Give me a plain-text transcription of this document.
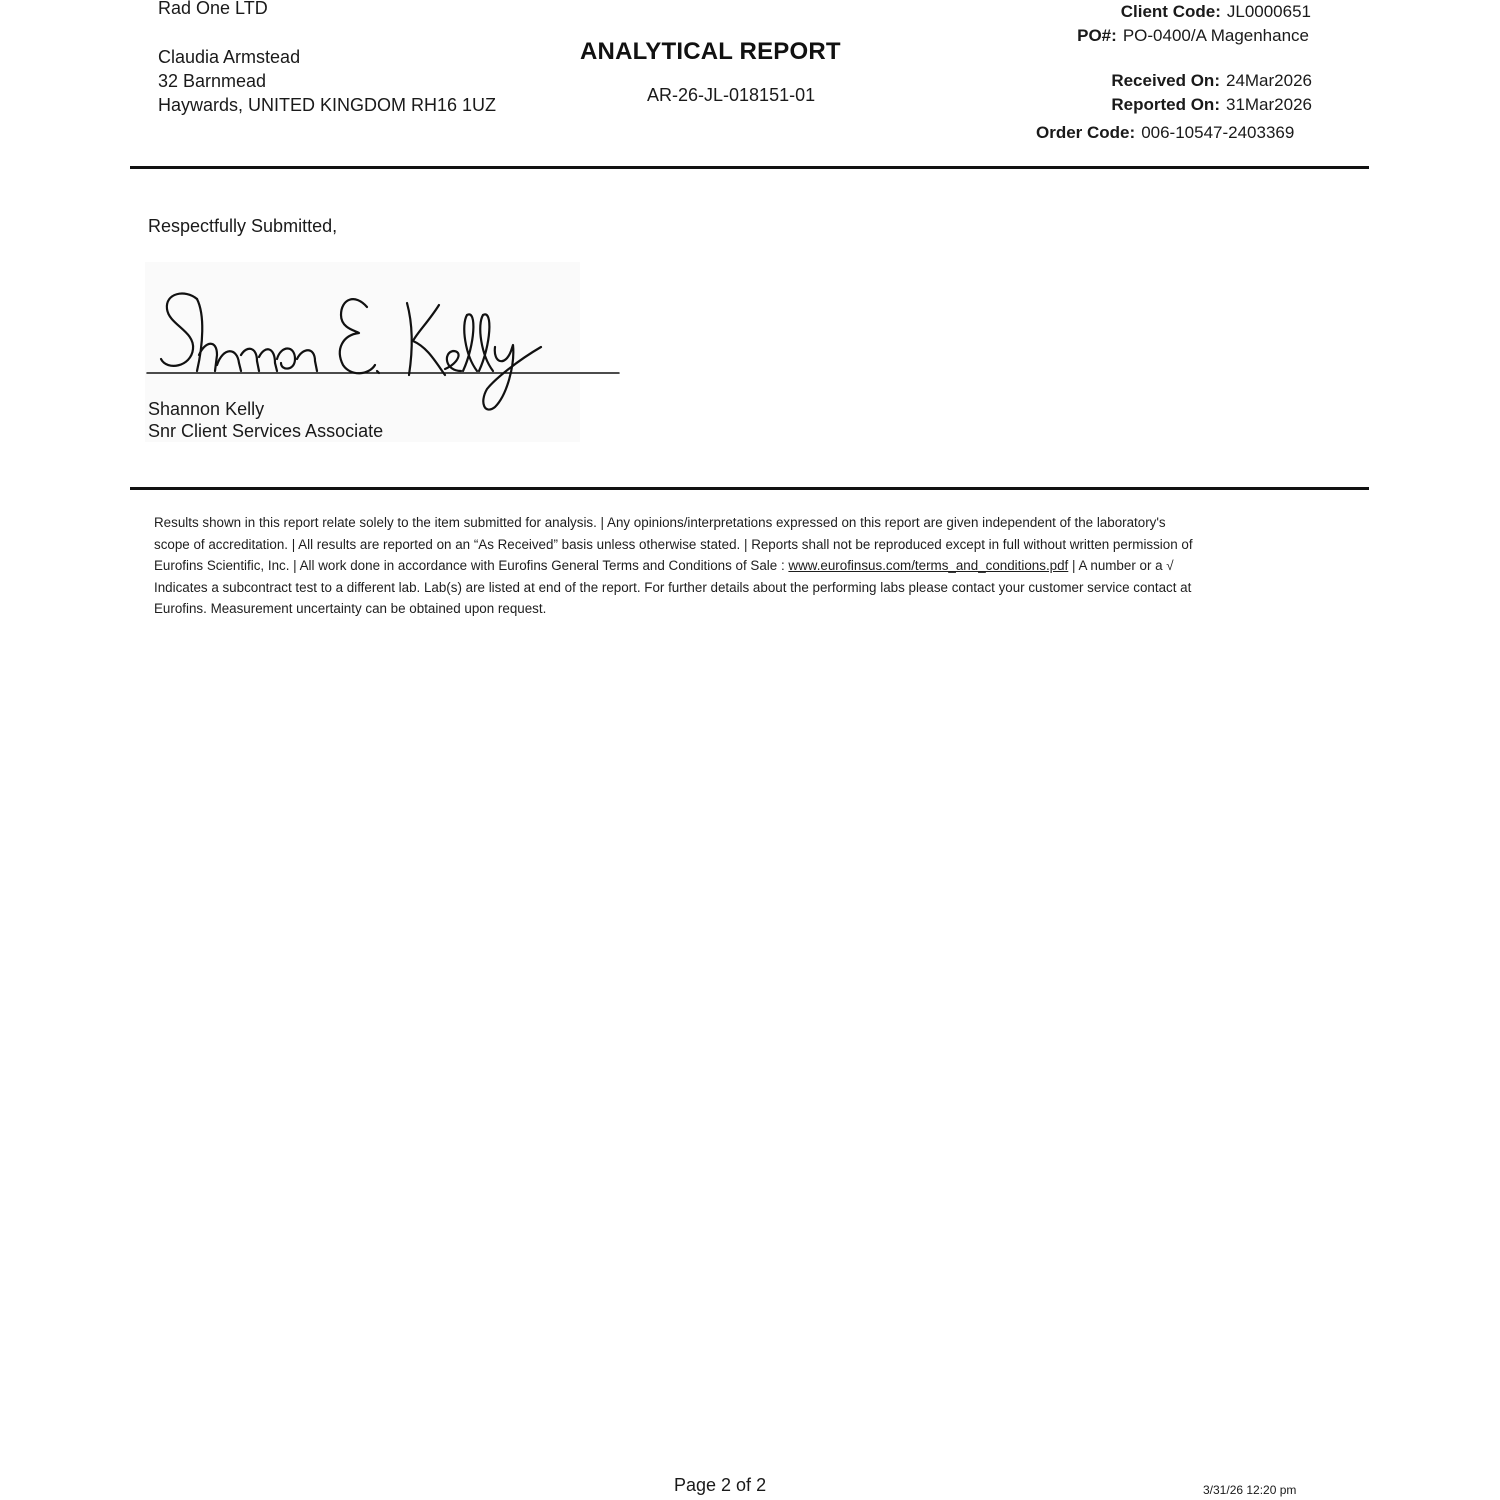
Rad One LTD
Claudia Armstead
32 Barnmead
Haywards, UNITED KINGDOM RH16 1UZ
ANALYTICAL REPORT
AR-26-JL-018151-01
Client Code: JL0000651
PO#: PO-0400/A Magenhance
Received On: 24Mar2026
Reported On: 31Mar2026
Order Code: 006-10547-2403369
Respectfully Submitted,
Shannon Kelly
Snr Client Services Associate
Results shown in this report relate solely to the item submitted for analysis. | Any opinions/interpretations expressed on this report are given independent of the laboratory's scope of accreditation. | All results are reported on an “As Received” basis unless otherwise stated. | Reports shall not be reproduced except in full without written permission of Eurofins Scientific, Inc. | All work done in accordance with Eurofins General Terms and Conditions of Sale : www.eurofinsus.com/terms_and_conditions.pdf | A number or a √ Indicates a subcontract test to a different lab. Lab(s) are listed at end of the report. For further details about the performing labs please contact your customer service contact at Eurofins. Measurement uncertainty can be obtained upon request.
Page 2 of 2	3/31/26 12:20 pm
